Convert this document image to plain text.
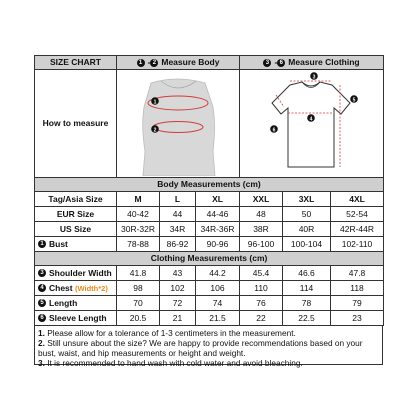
SIZE CHART	1 - 2 Measure Body			3 - 6 Measure Clothing		
How to measure	1
2			3
4
5
6		

Body Measurements (cm)						
Tag/Asia Size	M	L	XL	XXL	3XL	4XL
EUR Size	40-42	44	44-46	48	50	52-54
US Size	30R-32R	34R	34R-36R	38R	40R	42R-44R
1 Bust	78-88	86-92	90-96	96-100	100-104	102-110
Clothing Measurements (cm)						
3 Shoulder Width	41.8	43	44.2	45.4	46.6	47.8
4 Chest (Width*2)	98	102	106	110	114	118
5 Length	70	72	74	76	78	79
6 Sleeve Length	20.5	21	21.5	22	22.5	23
1. Please allow for a tolerance of 1-3 centimeters in the measurement.
2. Still unsure about the size? We are happy to provide recommendations based on your bust, waist, and hip measurements or height and weight.
3. It is recommended to hand wash with cold water and avoid bleaching.
